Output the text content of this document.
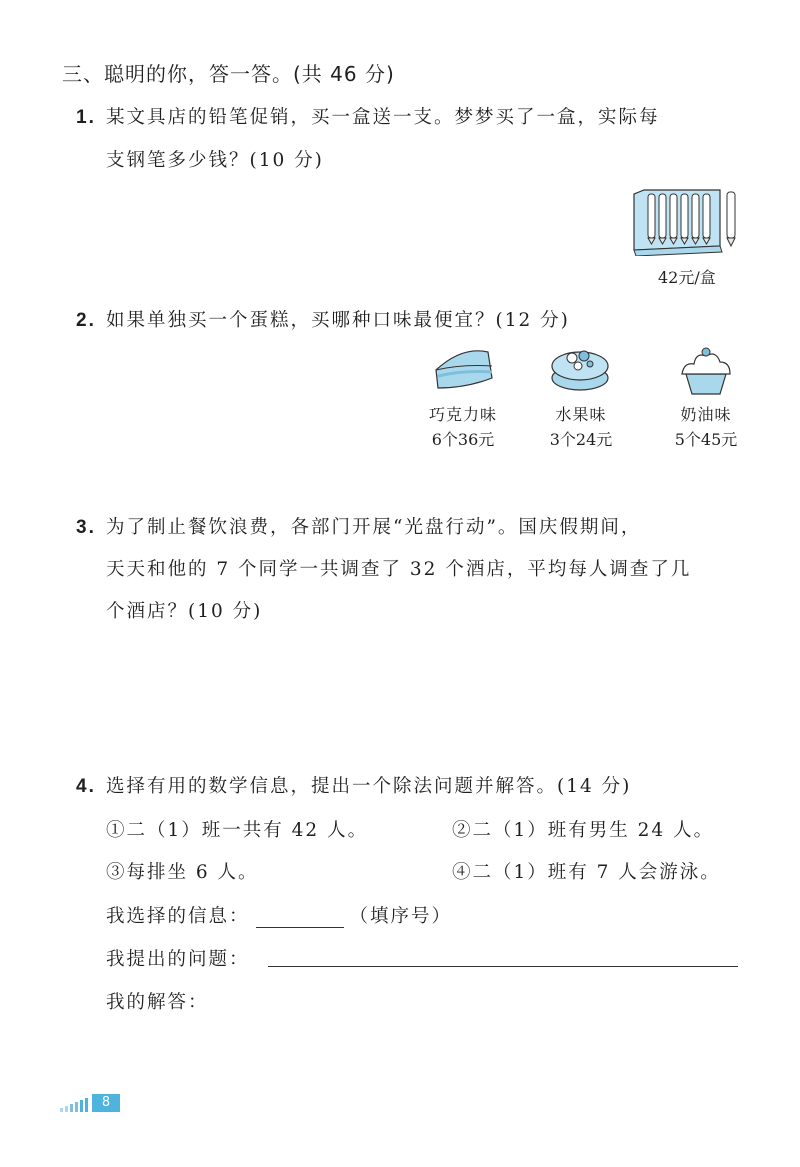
三、聪明的你，答一答。(共 46 分)
1. 某文具店的铅笔促销，买一盒送一支。梦梦买了一盒，实际每
支钢笔多少钱？(10 分)
42元/盒
2. 如果单独买一个蛋糕，买哪种口味最便宜？(12 分)
巧克力味
6个36元
水果味
3个24元
奶油味
5个45元
3. 为了制止餐饮浪费，各部门开展“光盘行动”。国庆假期间，
天天和他的 7 个同学一共调查了 32 个酒店，平均每人调查了几
个酒店？(10 分)
4. 选择有用的数学信息，提出一个除法问题并解答。(14 分)
①二（1）班一共有 42 人。	②二（1）班有男生 24 人。
③每排坐 6 人。	④二（1）班有 7 人会游泳。
我选择的信息：	（填序号）
我提出的问题：
我的解答：
8
